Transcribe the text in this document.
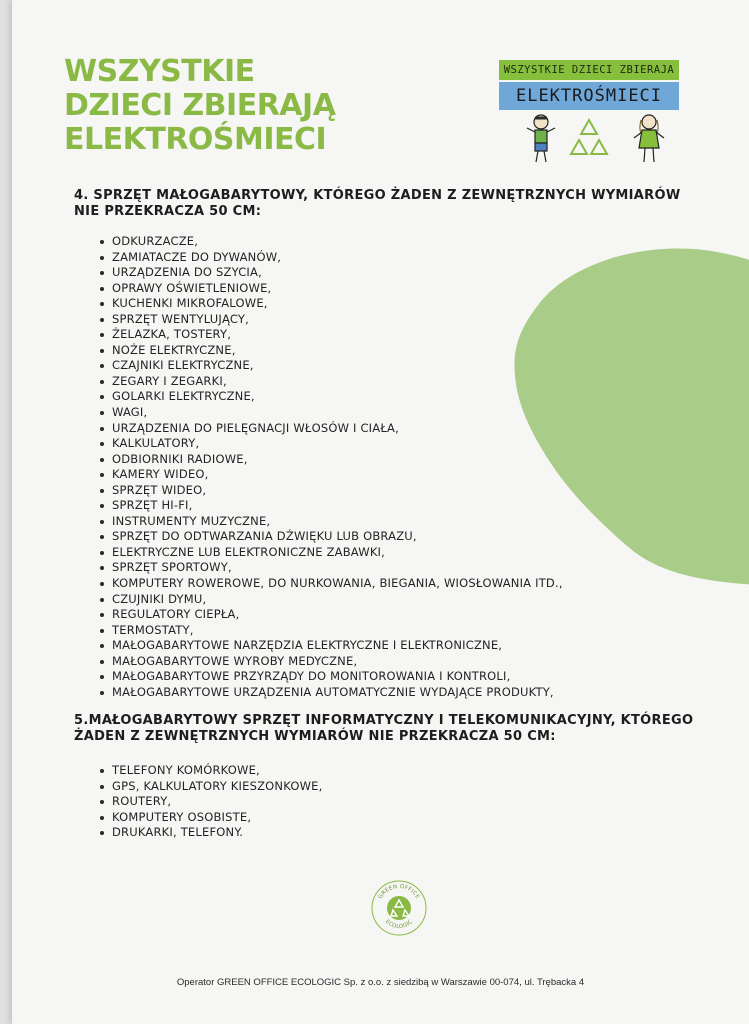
WSZYSTKIE
DZIECI ZBIERAJĄ
ELEKTROŚMIECI
WSZYSTKIE DZIECI ZBIERAJA
ELEKTROŚMIECI
4. SPRZĘT MAŁOGABARYTOWY, KTÓREGO ŻADEN Z ZEWNĘTRZNYCH WYMIARÓW
NIE PRZEKRACZA 50 CM:
ODKURZACZE,
ZAMIATACZE DO DYWANÓW,
URZĄDZENIA DO SZYCIA,
OPRAWY OŚWIETLENIOWE,
KUCHENKI MIKROFALOWE,
SPRZĘT WENTYLUJĄCY,
ŻELAZKA, TOSTERY,
NOŻE ELEKTRYCZNE,
CZAJNIKI ELEKTRYCZNE,
ZEGARY I ZEGARKI,
GOLARKI ELEKTRYCZNE,
WAGI,
URZĄDZENIA DO PIELĘGNACJI WŁOSÓW I CIAŁA,
KALKULATORY,
ODBIORNIKI RADIOWE,
KAMERY WIDEO,
SPRZĘT WIDEO,
SPRZĘT HI-FI,
INSTRUMENTY MUZYCZNE,
SPRZĘT DO ODTWARZANIA DŹWIĘKU LUB OBRAZU,
ELEKTRYCZNE LUB ELEKTRONICZNE ZABAWKI,
SPRZĘT SPORTOWY,
KOMPUTERY ROWEROWE, DO NURKOWANIA, BIEGANIA, WIOSŁOWANIA ITD.,
CZUJNIKI DYMU,
REGULATORY CIEPŁA,
TERMOSTATY,
MAŁOGABARYTOWE NARZĘDZIA ELEKTRYCZNE I ELEKTRONICZNE,
MAŁOGABARYTOWE WYROBY MEDYCZNE,
MAŁOGABARYTOWE PRZYRZĄDY DO MONITOROWANIA I KONTROLI,
MAŁOGABARYTOWE URZĄDZENIA AUTOMATYCZNIE WYDAJĄCE PRODUKTY,
5.MAŁOGABARYTOWY SPRZĘT INFORMATYCZNY I TELEKOMUNIKACYJNY, KTÓREGO
ŻADEN Z ZEWNĘTRZNYCH WYMIARÓW NIE PRZEKRACZA 50 CM:
TELEFONY KOMÓRKOWE,
GPS, KALKULATORY KIESZONKOWE,
ROUTERY,
KOMPUTERY OSOBISTE,
DRUKARKI, TELEFONY.
GREEN OFFICE
ECOLOGIC

Operator GREEN OFFICE ECOLOGIC Sp. z o.o. z siedzibą w Warszawie 00-074, ul. Trębacka 4
